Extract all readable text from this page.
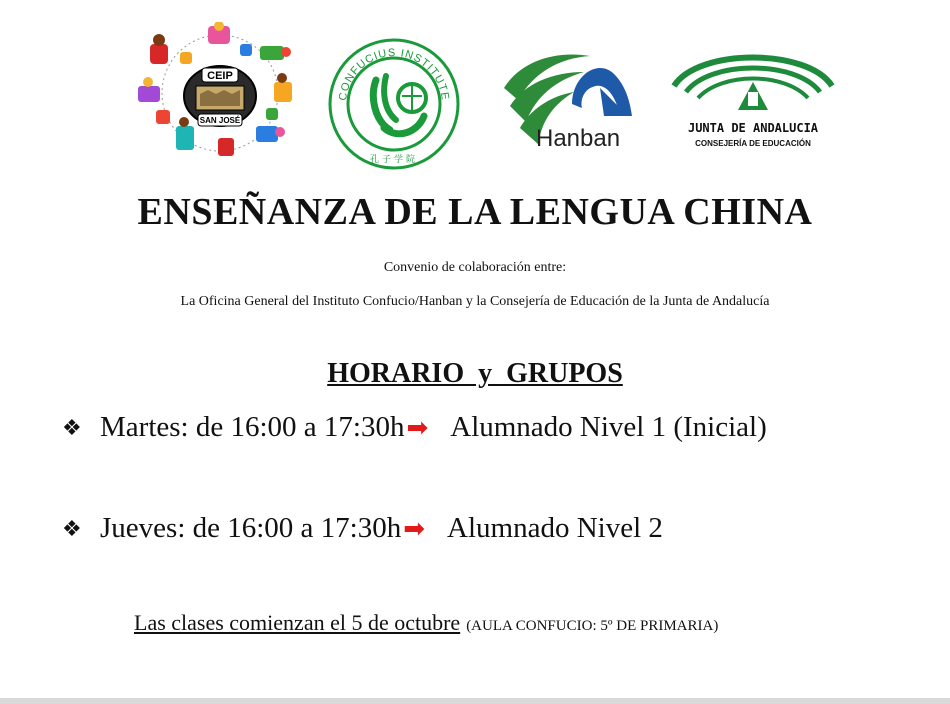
CEIP
SAN JOSÉ
CONFUCIUS INSTITUTE
孔子学院
Hanban	JUNTA DE ANDALUCIA
CONSEJERÍA DE EDUCACIÓN
ENSEÑANZA DE LA LENGUA CHINA
Convenio de colaboración entre:
La Oficina General del Instituto Confucio/Hanban y la Consejería de Educación de la Junta de Andalucía
HORARIO  y  GRUPOS
❖ Martes: de 16:00 a 17:30h ➡ Alumnado Nivel 1 (Inicial)
❖ Jueves: de 16:00 a 17:30h ➡ Alumnado Nivel 2
Las clases comienzan el 5 de octubre (AULA CONFUCIO: 5º DE PRIMARIA)
